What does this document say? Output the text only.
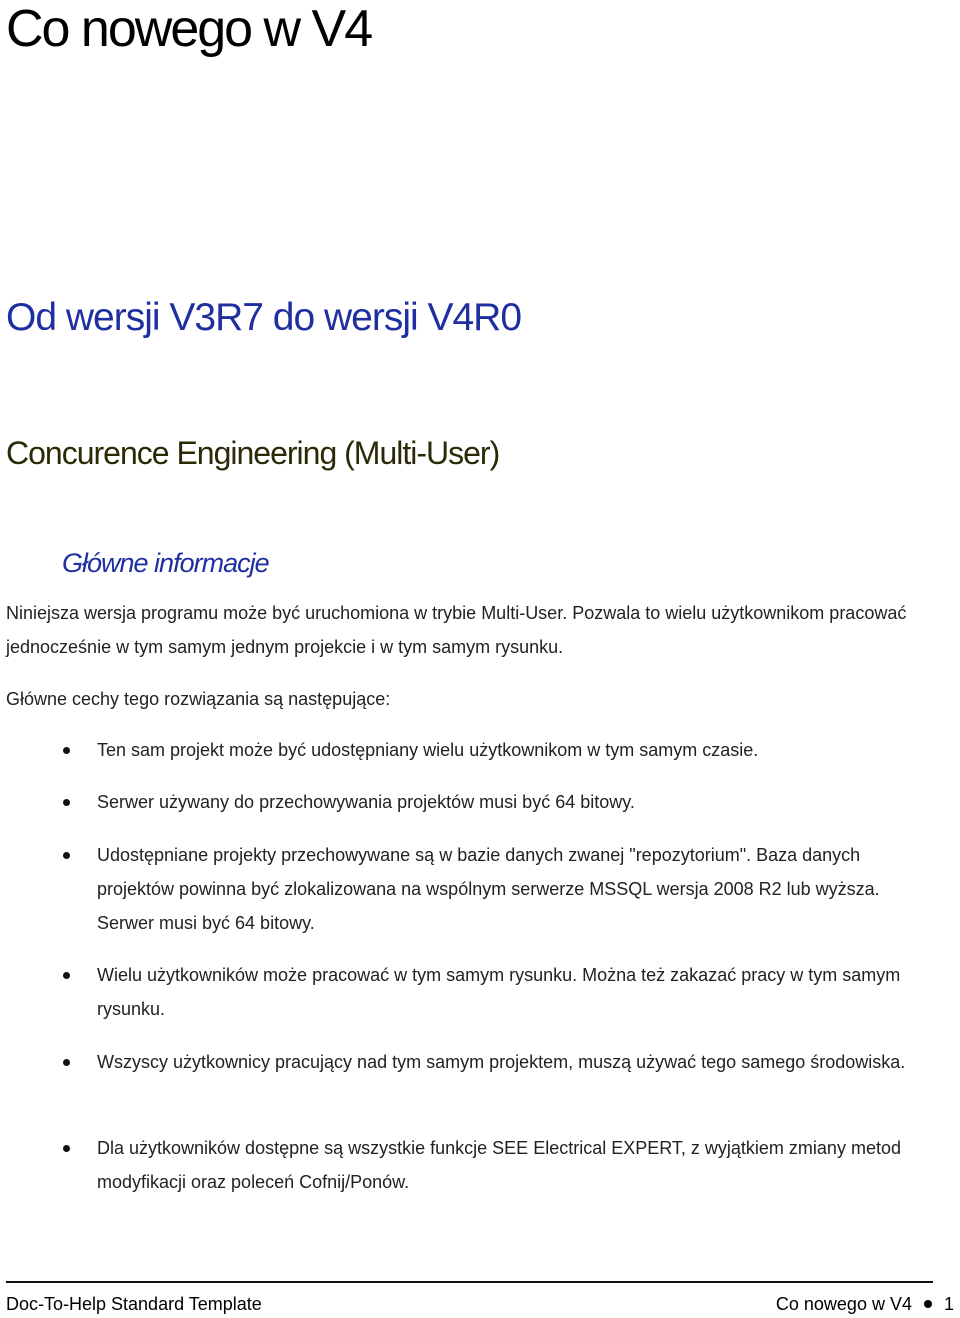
Co nowego w V4
Od wersji V3R7 do wersji V4R0
Concurence Engineering (Multi-User)
Główne informacje

Niniejsza wersja programu może być uruchomiona w trybie Multi-User. Pozwala to wielu użytkownikom pracować jednocześnie w tym samym jednym projekcie i w tym samym rysunku.

Główne cechy tego rozwiązania są następujące:

Ten sam projekt może być udostępniany wielu użytkownikom w tym samym czasie.
Serwer używany do przechowywania projektów musi być 64 bitowy.
Udostępniane projekty przechowywane są w bazie danych zwanej "repozytorium". Baza danych projektów powinna być zlokalizowana na wspólnym serwerze MSSQL wersja 2008 R2 lub wyższa. Serwer musi być 64 bitowy.
Wielu użytkowników może pracować w tym samym rysunku. Można też zakazać pracy w tym samym rysunku.
Wszyscy użytkownicy pracujący nad tym samym projektem, muszą używać tego samego środowiska.
Dla użytkowników dostępne są wszystkie funkcje SEE Electrical EXPERT, z wyjątkiem zmiany metod modyfikacji oraz poleceń Cofnij/Ponów.
Doc-To-Help Standard Template	Co nowego w V4 1
